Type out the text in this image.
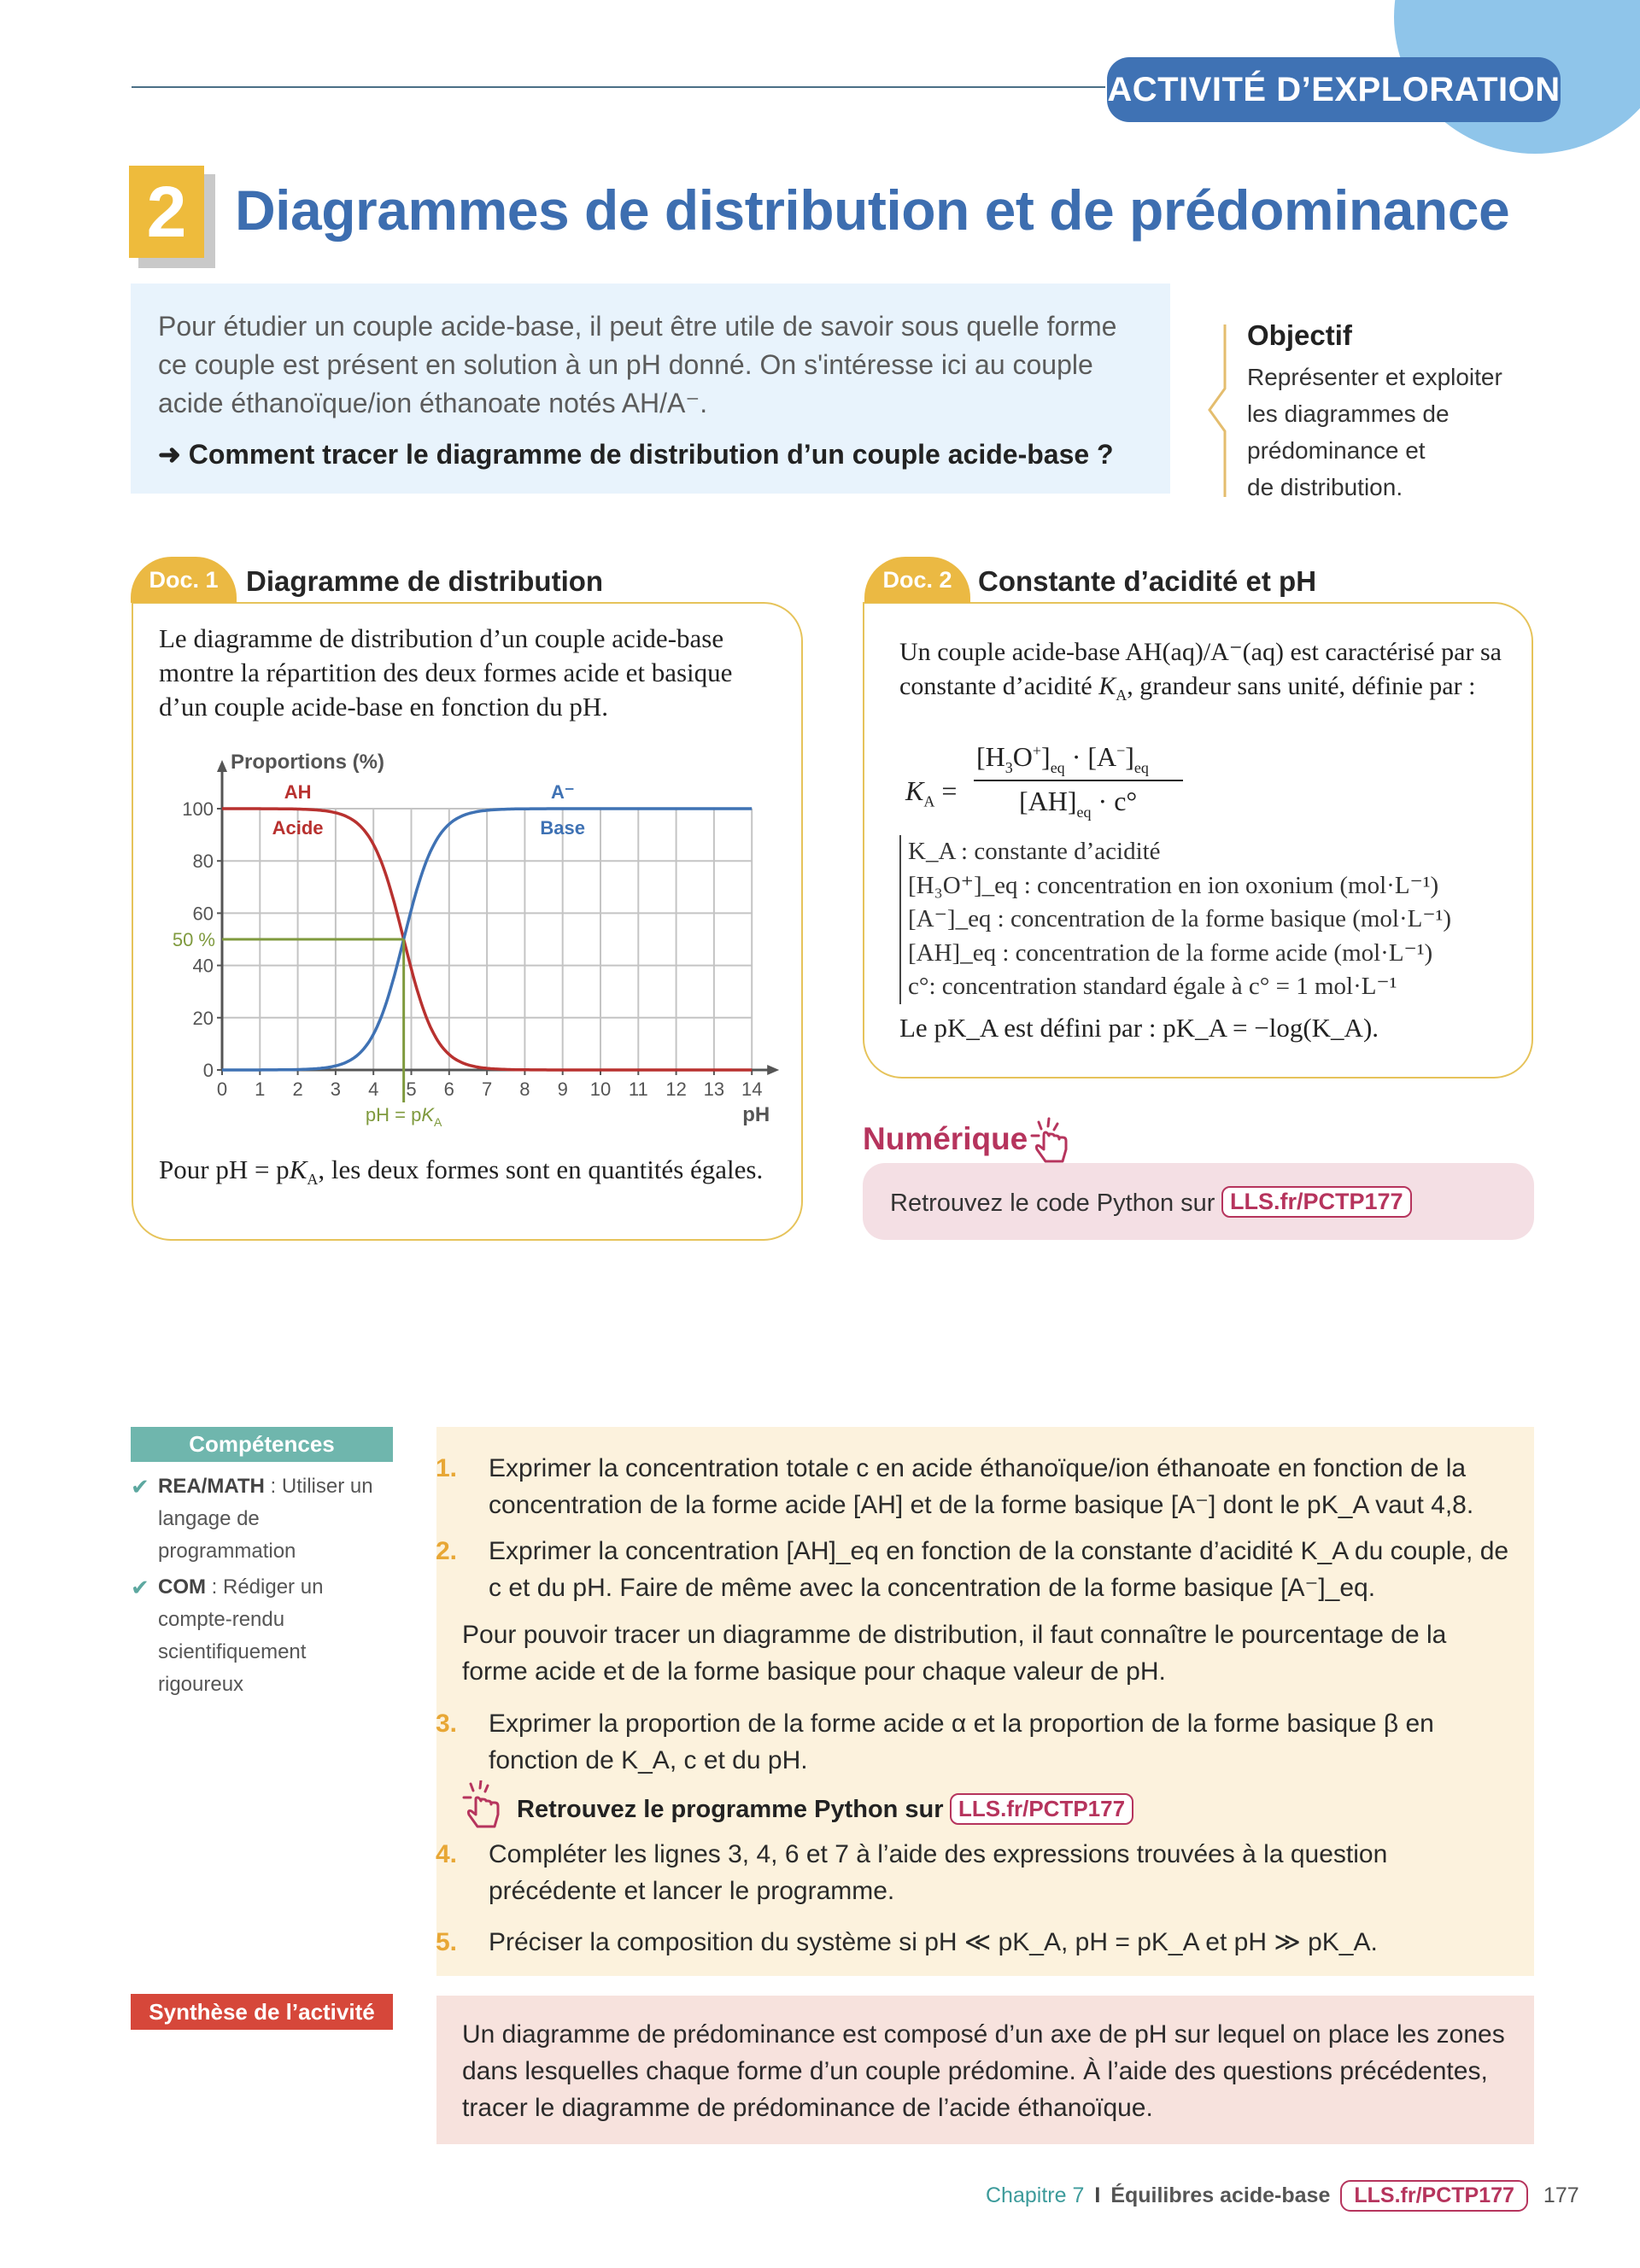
ACTIVITÉ D’EXPLORATION
2 Diagrammes de distribution et de prédominance

Pour étudier un couple acide-base, il peut être utile de savoir sous quelle forme ce couple est présent en solution à un pH donné. On s'intéresse ici au couple acide éthanoïque/ion éthanoate notés AH/A⁻.

➜ Comment tracer le diagramme de distribution d’un couple acide-base ?

Objectif
Représenter et exploiter
les diagrammes de
prédominance et
de distribution.
Doc. 1 Diagramme de distribution

Le diagramme de distribution d’un couple acide-base montre la répartition des deux formes acide et basique d’un couple acide-base en fonction du pH.

0 1 2 3 4 5 6 7 8 9 10 11 12 13 14
0
20
40
60
80
100
Proportions (%)
pH
50 %
pH = $pK_A$
AH
Acide
A⁻
Base

Pour pH = $pK_A$, les deux formes sont en quantités égales.

Doc. 2 Constante d’acidité et pH

Un couple acide-base AH(aq)/A⁻(aq) est caractérisé par sa constante d’acidité $K_A$, grandeur sans unité, définie par :

$K_A$ =
$[H_3O^+]_{eq} \cdot [A^-]_{eq}$
$[AH]_{eq} \cdot c^\circ$
K_A : constante d’acidité
[H₃O⁺]_eq : concentration en ion oxonium (mol·L⁻¹)
[A⁻]_eq : concentration de la forme basique (mol·L⁻¹)
[AH]_eq : concentration de la forme acide (mol·L⁻¹)
c°: concentration standard égale à c° = 1 mol·L⁻¹

Le pK_A est défini par : pK_A = −log(K_A).

Numérique
Retrouvez le code Python sur LLS.fr/PCTP177
Compétences
✔ REA/MATH : Utiliser un langage de programmation
✔ COM : Rédiger un compte-rendu scientifiquement rigoureux

1. Exprimer la concentration totale c en acide éthanoïque/ion éthanoate en fonction de la concentration de la forme acide [AH] et de la forme basique [A⁻] dont le pK_A vaut 4,8.

2. Exprimer la concentration [AH]_eq en fonction de la constante d’acidité K_A du couple, de c et du pH. Faire de même avec la concentration de la forme basique [A⁻]_eq.

Pour pouvoir tracer un diagramme de distribution, il faut connaître le pourcentage de la forme acide et de la forme basique pour chaque valeur de pH.

3. Exprimer la proportion de la forme acide α et la proportion de la forme basique β en fonction de K_A, c et du pH.

Retrouvez le programme Python sur LLS.fr/PCTP177

4. Compléter les lignes 3, 4, 6 et 7 à l’aide des expressions trouvées à la question précédente et lancer le programme.

5. Préciser la composition du système si pH ≪ pK_A, pH = pK_A et pH ≫ pK_A.

Synthèse de l’activité

Un diagramme de prédominance est composé d’un axe de pH sur lequel on place les zones dans lesquelles chaque forme d’un couple prédomine. À l’aide des questions précédentes, tracer le diagramme de prédominance de l’acide éthanoïque.

Chapitre 7 I Équilibres acide-base	LLS.fr/PCTP177	177
